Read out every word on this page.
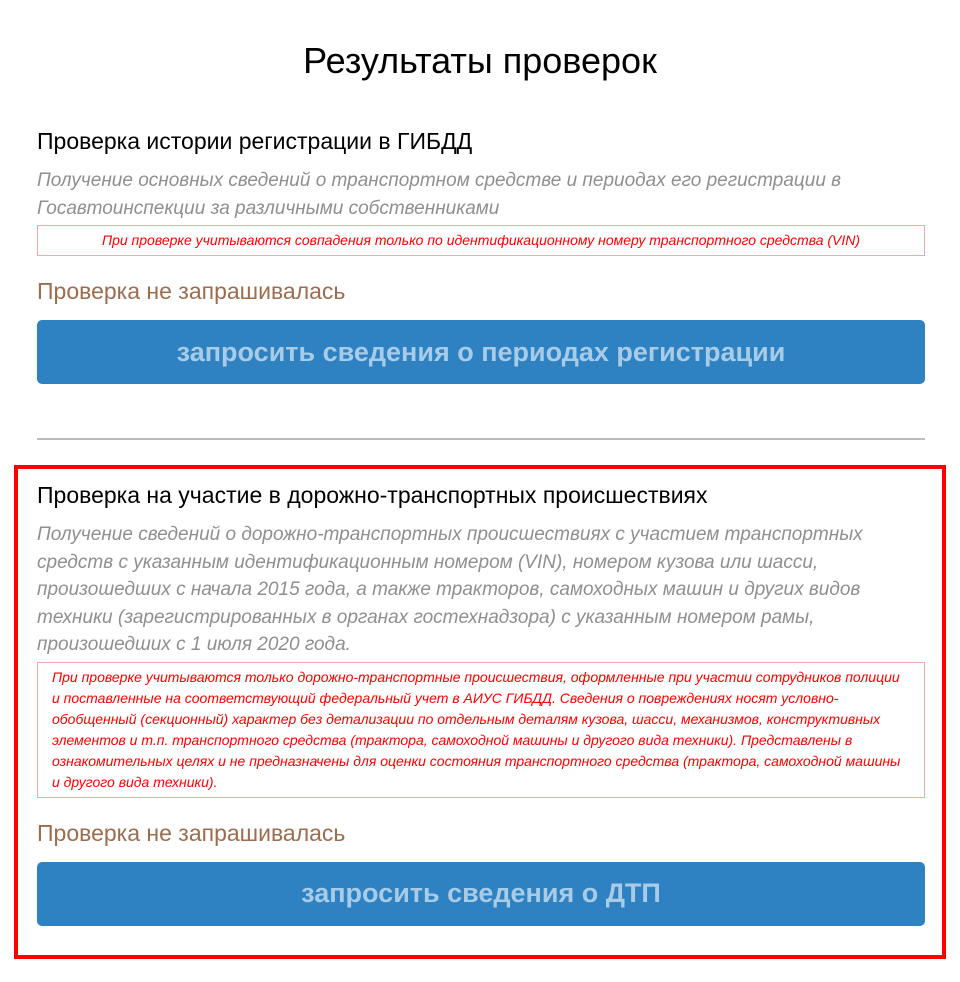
Результаты проверок
Проверка истории регистрации в ГИБДД

Получение основных сведений о транспортном средстве и периодах его регистрации в Госавтоинспекции за различными собственниками

При проверке учитываются совпадения только по идентификационному номеру транспортного средства (VIN)
Проверка не запрашивалась
запросить сведения о периодах регистрации
Проверка на участие в дорожно-транспортных происшествиях

Получение сведений о дорожно-транспортных происшествиях с участием транспортных средств с указанным идентификационным номером (VIN), номером кузова или шасси, произошедших с начала 2015 года, а также тракторов, самоходных машин и других видов техники (зарегистрированных в органах гостехнадзора) с указанным номером рамы, произошедших с 1 июля 2020 года.

При проверке учитываются только дорожно-транспортные происшествия, оформленные при участии сотрудников полиции и поставленные на соответствующий федеральный учет в АИУС ГИБДД. Сведения о повреждениях носят условно-обобщенный (секционный) характер без детализации по отдельным деталям кузова, шасси, механизмов, конструктивных элементов и т.п. транспортного средства (трактора, самоходной машины и другого вида техники). Представлены в ознакомительных целях и не предназначены для оценки состояния транспортного средства (трактора, самоходной машины и другого вида техники).
Проверка не запрашивалась
запросить сведения о ДТП
